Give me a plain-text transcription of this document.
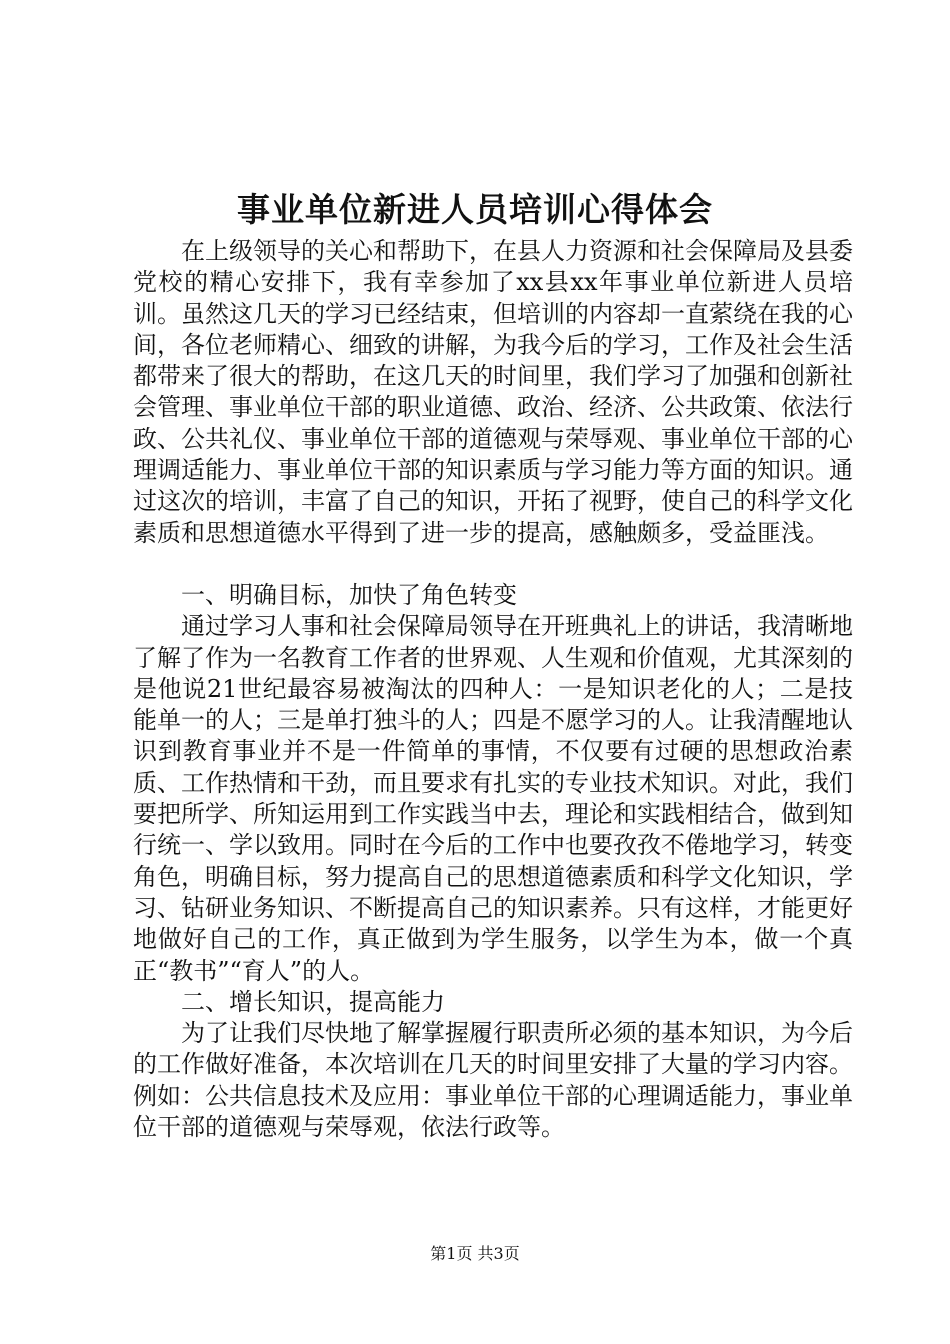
事业单位新进人员培训心得体会

在上级领导的关心和帮助下，在县人力资源和社会保障局及县委党校的精心安排下，我有幸参加了xx县xx年事业单位新进人员培训。虽然这几天的学习已经结束，但培训的内容却一直萦绕在我的心间，各位老师精心、细致的讲解，为我今后的学习，工作及社会生活都带来了很大的帮助，在这几天的时间里，我们学习了加强和创新社会管理、事业单位干部的职业道德、政治、经济、公共政策、依法行政、公共礼仪、事业单位干部的道德观与荣辱观、事业单位干部的心理调适能力、事业单位干部的知识素质与学习能力等方面的知识。通过这次的培训，丰富了自己的知识，开拓了视野，使自己的科学文化素质和思想道德水平得到了进一步的提高，感触颇多，受益匪浅。

一、明确目标，加快了角色转变

通过学习人事和社会保障局领导在开班典礼上的讲话，我清晰地了解了作为一名教育工作者的世界观、人生观和价值观，尤其深刻的是他说21世纪最容易被淘汰的四种人：一是知识老化的人；二是技能单一的人；三是单打独斗的人；四是不愿学习的人。让我清醒地认识到教育事业并不是一件简单的事情，不仅要有过硬的思想政治素质、工作热情和干劲，而且要求有扎实的专业技术知识。对此，我们要把所学、所知运用到工作实践当中去，理论和实践相结合，做到知行统一、学以致用。同时在今后的工作中也要孜孜不倦地学习，转变角色，明确目标，努力提高自己的思想道德素质和科学文化知识，学习、钻研业务知识、不断提高自己的知识素养。只有这样，才能更好地做好自己的工作，真正做到为学生服务，以学生为本，做一个真正“教书”“育人”的人。

二、增长知识，提高能力

为了让我们尽快地了解掌握履行职责所必须的基本知识，为今后的工作做好准备，本次培训在几天的时间里安排了大量的学习内容。例如：公共信息技术及应用：事业单位干部的心理调适能力，事业单位干部的道德观与荣辱观，依法行政等。

第1页 共3页
